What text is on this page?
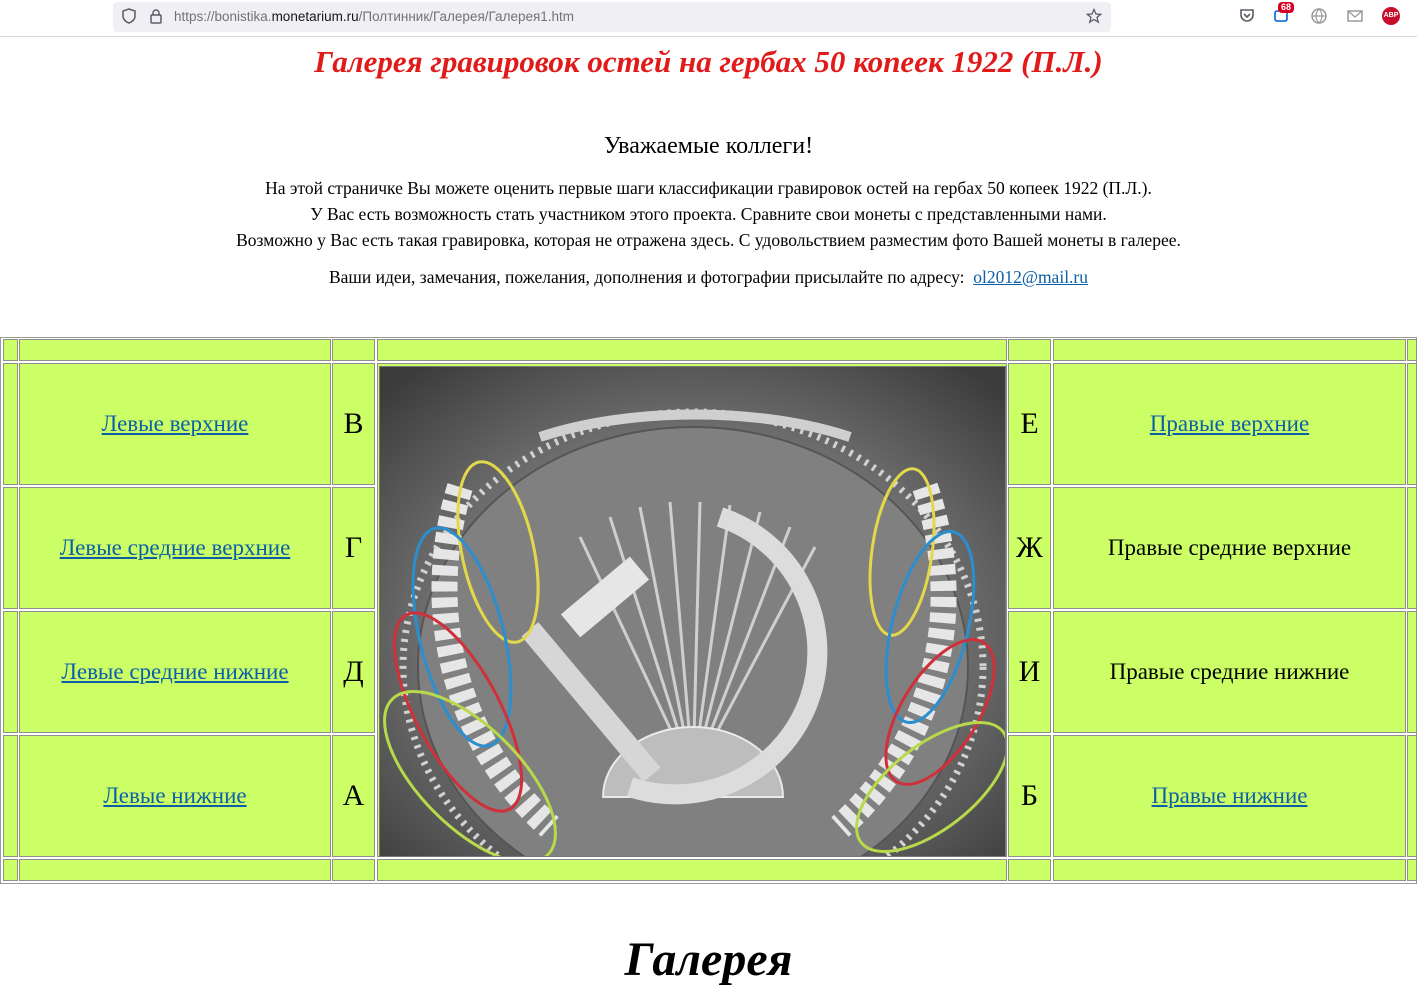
https://bonistika.monetarium.ru/Полтинник/Галерея/Галерея1.htm
68
ABP
Галерея гравировок остей на гербах 50 копеек 1922 (П.Л.)
Уважаемые коллеги!
На этой страничке Вы можете оценить первые шаги классификации гравировок остей на гербах 50 копеек 1922 (П.Л.).
У Вас есть возможность стать участником этого проекта. Сравните свои монеты с представленными нами.
Возможно у Вас есть такая гравировка, которая не отражена здесь. С удовольствием разместим фото Вашей монеты в галерее.
Ваши идеи, замечания, пожелания, дополнения и фотографии присылайте по адресу: ol2012@mail.ru
Левые верхние	В	Е	Правые верхние
Левые средние верхние Г	Ж	Правые средние верхние
Левые средние нижние Д	И	Правые средние нижние
Левые нижние	А	Б	Правые нижние
Галерея
